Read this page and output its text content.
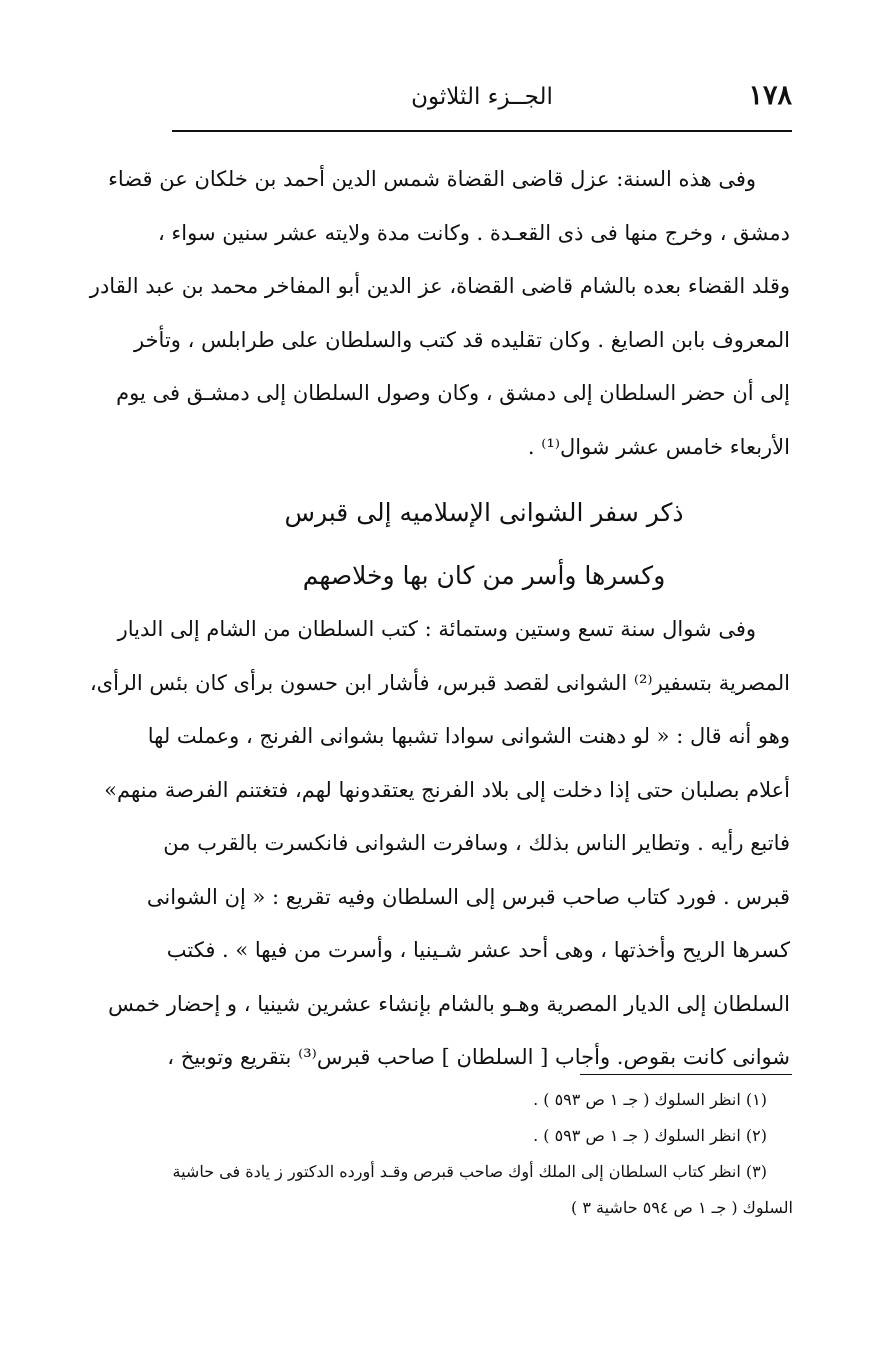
١٧٨
الجــزء الثلاثون
وفى هذه السنة: عزل قاضى القضاة شمس الدين أحمد بن خلكان عن قضاء
دمشق ، وخرج منها فى ذى القعـدة . وكانت مدة ولايته عشر سنين سواء ،
وقلد القضاء بعده بالشام قاضى القضاة، عز الدين أبو المفاخر محمد بن عبد القادر
المعروف بابن الصايغ . وكان تقليده قد كتب والسلطان على طرابلس ، وتأخر
إلى أن حضر السلطان إلى دمشق ، وكان وصول السلطان إلى دمشـق فى يوم
الأربعاء خامس عشر شوال⁽¹⁾ .
ذكر سفر الشوانى الإسلاميه إلى قبرس
وكسرها وأسر من كان بها وخلاصهم
وفى شوال سنة تسع وستين وستمائة : كتب السلطان من الشام إلى الديار
المصرية بتسفير⁽²⁾ الشوانى لقصد قبرس، فأشار ابن حسون برأى كان بئس الرأى،
وهو أنه قال : « لو دهنت الشوانى سوادا تشبها بشوانى الفرنج ، وعملت لها
أعلام بصلبان حتى إذا دخلت إلى بلاد الفرنج يعتقدونها لهم، فتغتنم الفرصة منهم»
فاتبع رأيه . وتطاير الناس بذلك ، وسافرت الشوانى فانكسرت بالقرب من
قبرس . فورد كتاب صاحب قبرس إلى السلطان وفيه تقريع : « إن الشوانى
كسرها الريح وأخذتها ، وهى أحد عشر شـينيا ، وأسرت من فيها » . فكتب
السلطان إلى الديار المصرية وهـو بالشام بإنشاء عشرين شينيا ، و إحضار خمس
شوانى كانت بقوص. وأجاب [ السلطان ] صاحب قبرس⁽³⁾ بتقريع وتوبيخ ،
(١) انظر السلوك ( جـ ١ ص ٥٩٣ ) .
(٢) انظر السلوك ( جـ ١ ص ٥٩٣ ) .
(٣) انظر كتاب السلطان إلى الملك أوك صاحب قبرص وقـد أورده الدكتور ز يادة فى حاشية
السلوك ( جـ ١ ص ٥٩٤ حاشية ٣ )
